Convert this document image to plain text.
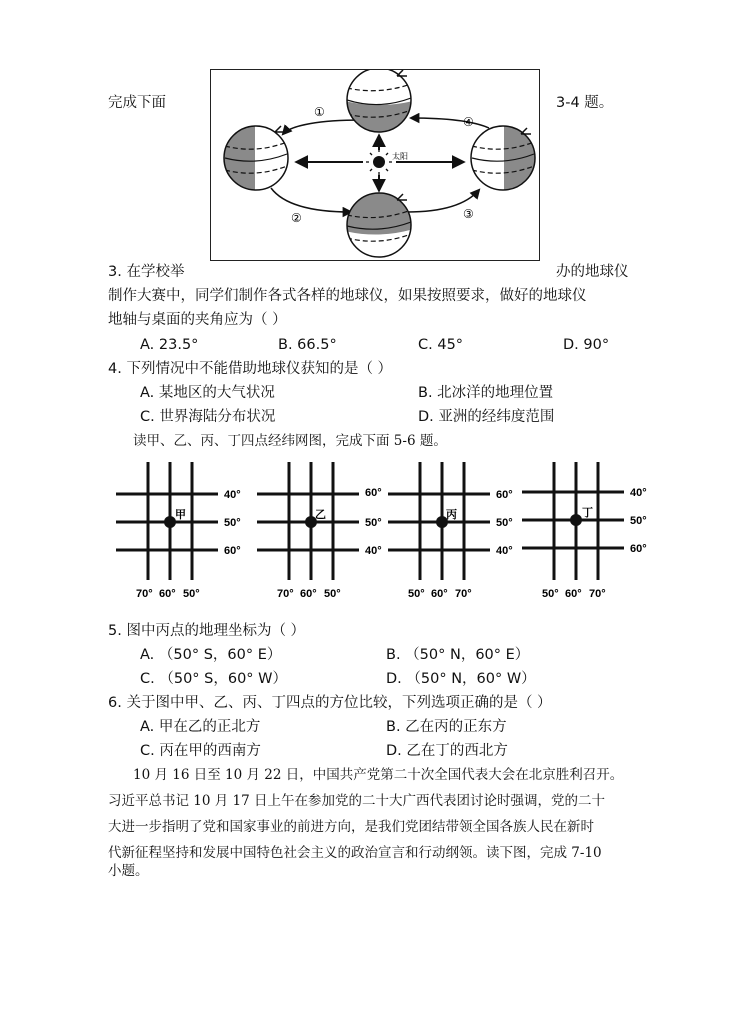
完成下面	3-4 题。
①
②	③
④
太阳
3. 在学校举	办的地球仪
制作大赛中，同学们制作各式各样的地球仪，如果按照要求，做好的地球仪
地轴与桌面的夹角应为（ ）
A. 23.5°	B. 66.5°	C. 45°	D. 90°
4. 下列情况中不能借助地球仪获知的是（ ）
A. 某地区的大气状况	B. 北冰洋的地理位置
C. 世界海陆分布状况	D. 亚洲的经纬度范围
读甲、乙、丙、丁四点经纬网图，完成下面 5-6 题。
甲
40°
50°
60°
70° 60° 50°
乙
60°
50°
40°
70° 60° 50°
丙
60°
50°
40°
50° 60° 70°
丁
40°
50°
60°
50° 60° 70°
5. 图中丙点的地理坐标为（ ）
A. （50° S，60° E）	B. （50° N，60° E）
C. （50° S，60° W）	D. （50° N，60° W）
6. 关于图中甲、乙、丙、丁四点的方位比较，下列选项正确的是（ ）
A. 甲在乙的正北方	B. 乙在丙的正东方
C. 丙在甲的西南方	D. 乙在丁的西北方
10 月 16 日至 10 月 22 日，中国共产党第二十次全国代表大会在北京胜利召开。
习近平总书记 10 月 17 日上午在参加党的二十大广西代表团讨论时强调，党的二十
大进一步指明了党和国家事业的前进方向，是我们党团结带领全国各族人民在新时
代新征程坚持和发展中国特色社会主义的政治宣言和行动纲领。读下图，完成 7-10
小题。
